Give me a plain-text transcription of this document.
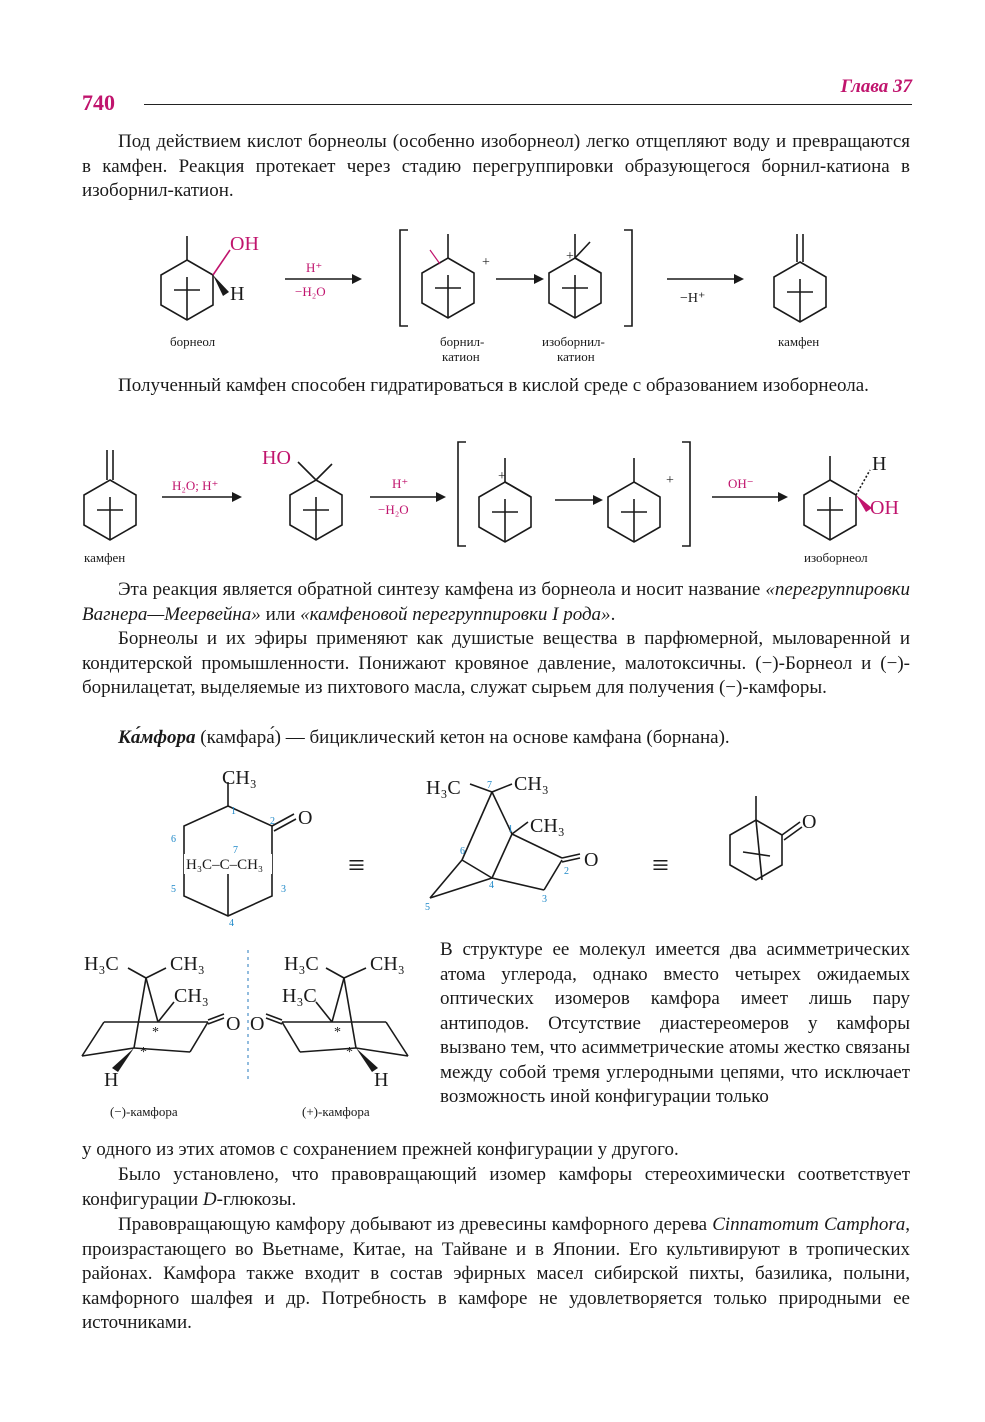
740
Глава 37

Под действием кислот борнеолы (особенно изоборнеол) легко отщепляют воду и превращаются в камфен. Реакция протекает через стадию перегруппировки образующегося борнил-катиона в изоборнил-катион.

OH
H
борнеол
H⁺
−H₂O
+
борнил-
катион
+
изоборнил-
катион
−H⁺
камфен

Полученный камфен способен гидратироваться в кислой среде с образованием изоборнеола.

камфен
H₂O; H⁺
HO
H⁺
−H₂O
+	+	OH⁻
H
OH
изоборнеол

Эта реакция является обратной синтезу камфена из борнеола и носит название «перегруппировки Вагнера—Меервейна» или «камфеновой перегруппировки I рода».

Борнеолы и их эфиры применяют как душистые вещества в парфюмерной, мыловаренной и кондитерской промышленности. Понижают кровяное давление, малотоксичны. (−)-Борнеол и (−)-борнилацетат, выделяемые из пихтового масла, служат сырьем для получения (−)-камфоры.

Ка́мфора (камфара́) — бициклический кетон на основе камфана (борнана).

CH₃
O
H₃C–C–CH₃
1
2
3
4
5
6
7	≡
H₃C	CH₃
CH₃
O
7
1
2
3
4
5
6	≡
O
H₃C	CH₃
CH₃
O
H
*
*
(−)-камфора
H₃C	CH₃
H₃C
O
H
*
*
(+)-камфора

В структуре ее молекул имеется два асимметрических атома углерода, однако вместо четырех ожидаемых оптических изомеров камфора имеет лишь пару антиподов. Отсутствие диастереомеров у камфоры вызвано тем, что асимметрические атомы жестко связаны между собой тремя углеродными цепями, что исключает возможность иной конфигурации только

у одного из этих атомов с сохранением прежней конфигурации у другого.

Было установлено, что правовращающий изомер камфоры стереохимически соответствует конфигурации D-глюкозы.

Правовращающую камфору добывают из древесины камфорного дерева Cinnamomum Camphora, произрастающего во Вьетнаме, Китае, на Тайване и в Японии. Его культивируют в тропических районах. Камфора также входит в состав эфирных масел сибирской пихты, базилика, полыни, камфорного шалфея и др. Потребность в камфоре не удовлетворяется только природными ее источниками.
